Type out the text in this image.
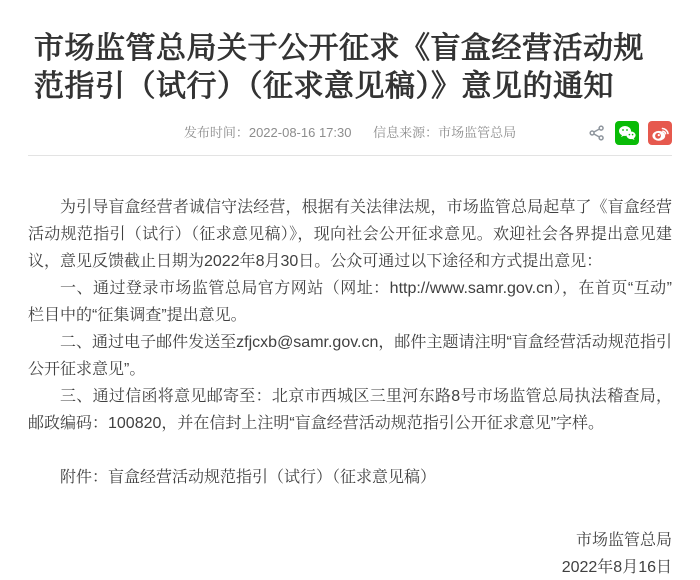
市场监管总局关于公开征求《盲盒经营活动规
范指引（试行）（征求意见稿）》意见的通知
发布时间：2022-08-16 17:30 信息来源：市场监管总局

为引导盲盒经营者诚信守法经营，根据有关法律法规，市场监管总局起草了《盲盒经营活动规范指引（试行）（征求意见稿）》，现向社会公开征求意见。欢迎社会各界提出意见建议，意见反馈截止日期为2022年8月30日。公众可通过以下途径和方式提出意见：

一、通过登录市场监管总局官方网站（网址：http://www.samr.gov.cn），在首页“互动”栏目中的“征集调查”提出意见。

二、通过电子邮件发送至zfjcxb@samr.gov.cn，邮件主题请注明“盲盒经营活动规范指引公开征求意见”。

三、通过信函将意见邮寄至：北京市西城区三里河东路8号市场监管总局执法稽查局，邮政编码：100820，并在信封上注明“盲盒经营活动规范指引公开征求意见”字样。

附件：盲盒经营活动规范指引（试行）（征求意见稿）
市场监管总局
2022年8月16日
